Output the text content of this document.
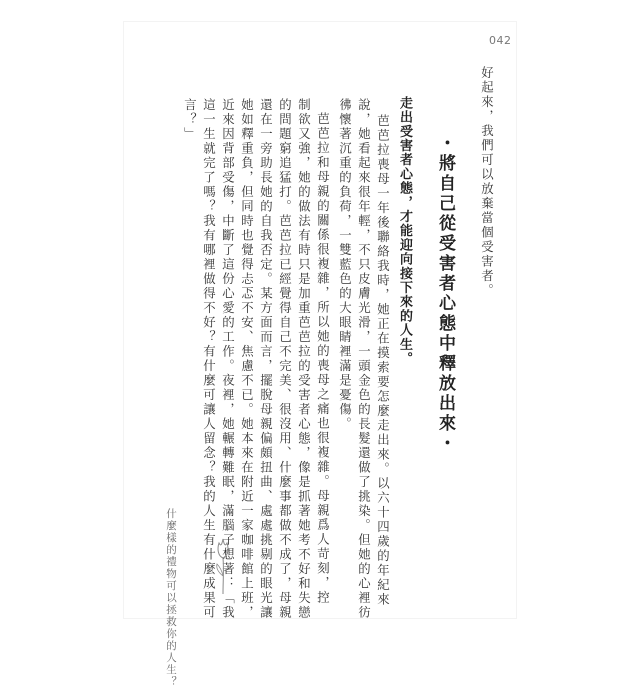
042
好起來，我們可以放棄當個受害者。
・將自己從受害者心態中釋放出來・
走出受害者心態，才能迎向接下來的人生。
芭芭拉喪母一年後聯絡我時，她正在摸索要怎麼走出來。以六十四歲的年紀來
說，她看起來很年輕，不只皮膚光滑，一頭金色的長髮還做了挑染。但她的心裡彷
彿懷著沉重的負荷，一雙藍色的大眼睛裡滿是憂傷。
芭芭拉和母親的關係很複雜，所以她的喪母之痛也很複雜。母親爲人苛刻，控
制欲又強，她的做法有時只是加重芭芭拉的受害者心態，像是抓著她考不好和失戀
的問題窮追猛打。芭芭拉已經覺得自己不完美、很沒用、什麼事都做不成了，母親
還在一旁助長她的自我否定。某方面而言，擺脫母親偏頗扭曲、處處挑剔的眼光讓
她如釋重負，但同時也覺得忐忑不安、焦慮不已。她本來在附近一家咖啡館上班，
近來因背部受傷，中斷了這份心愛的工作。夜裡，她輾轉難眠，滿腦子想著：「我
這一生就完了嗎？我有哪裡做得不好？有什麼可讓人留念？我的人生有什麼成果可
言？」
什麼樣的禮物可以拯救你的人生？
